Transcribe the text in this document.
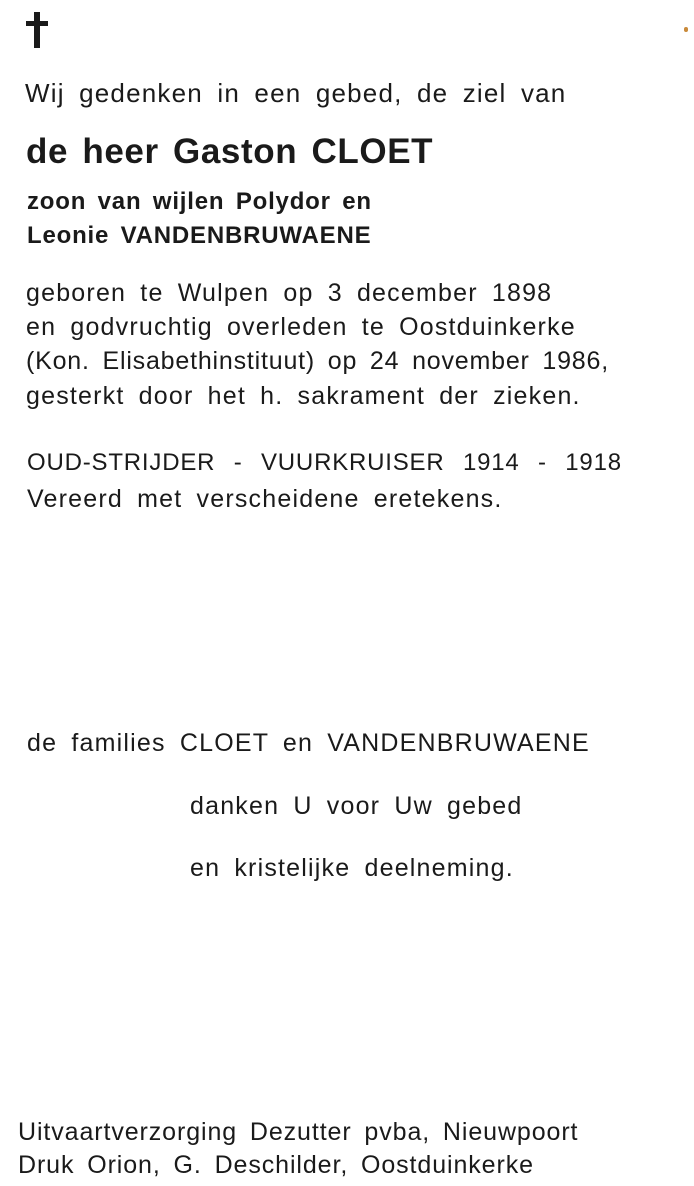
Wij gedenken in een gebed, de ziel van
de heer Gaston CLOET
zoon van wijlen Polydor en
Leonie VANDENBRUWAENE
geboren te Wulpen op 3 december 1898
en godvruchtig overleden te Oostduinkerke
(Kon. Elisabethinstituut) op 24 november 1986,
gesterkt door het h. sakrament der zieken.
OUD-STRIJDER - VUURKRUISER 1914 - 1918
Vereerd met verscheidene eretekens.
de families CLOET en VANDENBRUWAENE
danken U voor Uw gebed
en kristelijke deelneming.
Uitvaartverzorging Dezutter pvba, Nieuwpoort
Druk Orion, G. Deschilder, Oostduinkerke
